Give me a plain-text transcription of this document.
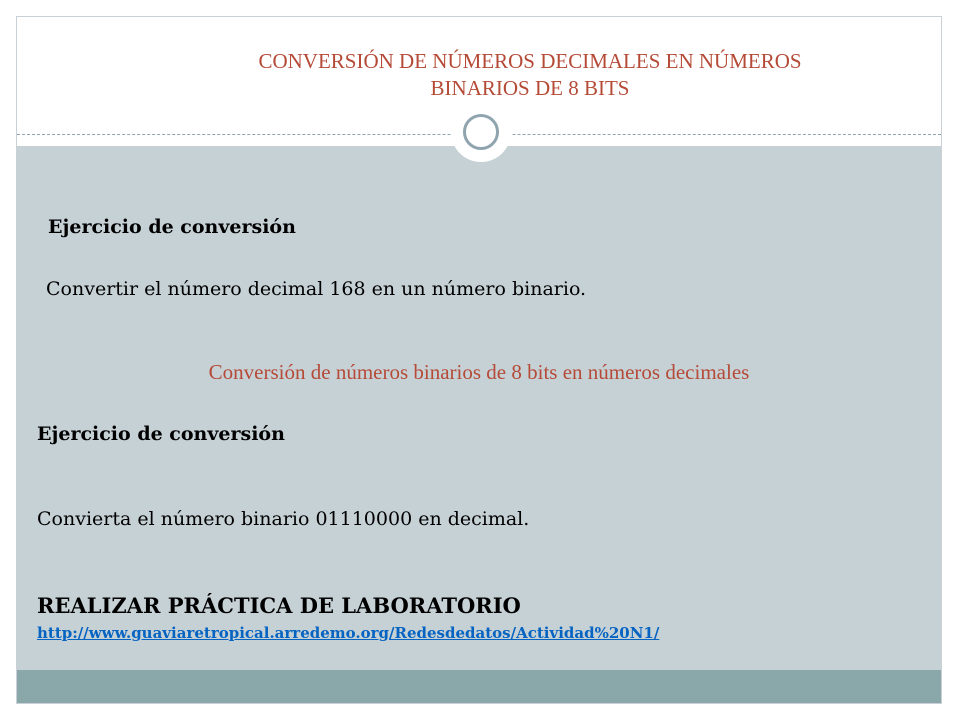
CONVERSIÓN DE NÚMEROS DECIMALES EN NÚMEROS
BINARIOS DE 8 BITS

Ejercicio de conversión

Convertir el número decimal 168 en un número binario.

Conversión de números binarios de 8 bits en números decimales

Ejercicio de conversión

Convierta el número binario 01110000 en decimal.

REALIZAR PRÁCTICA DE LABORATORIO

http://www.guaviaretropical.arredemo.org/Redesdedatos/Actividad%20N1/
